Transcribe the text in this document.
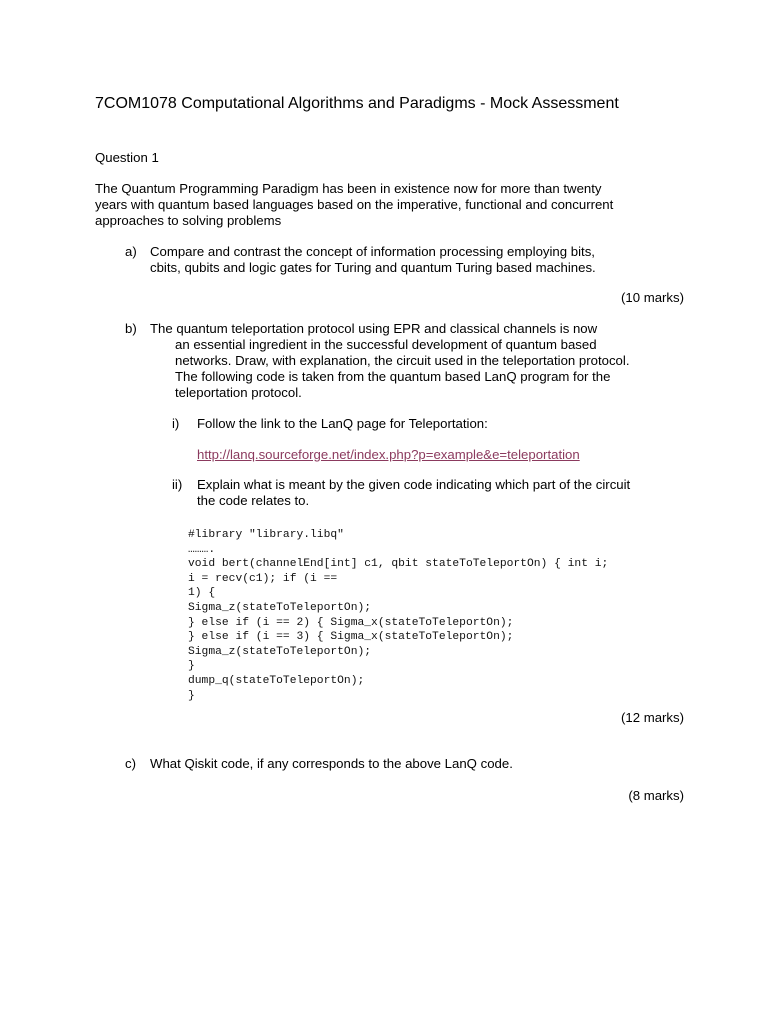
7COM1078 Computational Algorithms and Paradigms - Mock Assessment
Question 1
The Quantum Programming Paradigm has been in existence now for more than twenty
years with quantum based languages based on the imperative, functional and concurrent
approaches to solving problems
a) Compare and contrast the concept of information processing employing bits,
cbits, qubits and logic gates for Turing and quantum Turing based machines.
(10 marks)
b) The quantum teleportation protocol using EPR and classical channels is now
an essential ingredient in the successful development of quantum based
networks. Draw, with explanation, the circuit used in the teleportation protocol.
The following code is taken from the quantum based LanQ program for the
teleportation protocol.
i) Follow the link to the LanQ page for Teleportation:
http://lanq.sourceforge.net/index.php?p=example&e=teleportation
ii) Explain what is meant by the given code indicating which part of the circuit
the code relates to.
#library "library.libq"
……….
void bert(channelEnd[int] c1, qbit stateToTeleportOn) { int i;
i = recv(c1); if (i ==
1) {
Sigma_z(stateToTeleportOn);
} else if (i == 2) { Sigma_x(stateToTeleportOn);
} else if (i == 3) { Sigma_x(stateToTeleportOn);
Sigma_z(stateToTeleportOn);
}
dump_q(stateToTeleportOn);
}
(12 marks)
c) What Qiskit code, if any corresponds to the above LanQ code.
(8 marks)
